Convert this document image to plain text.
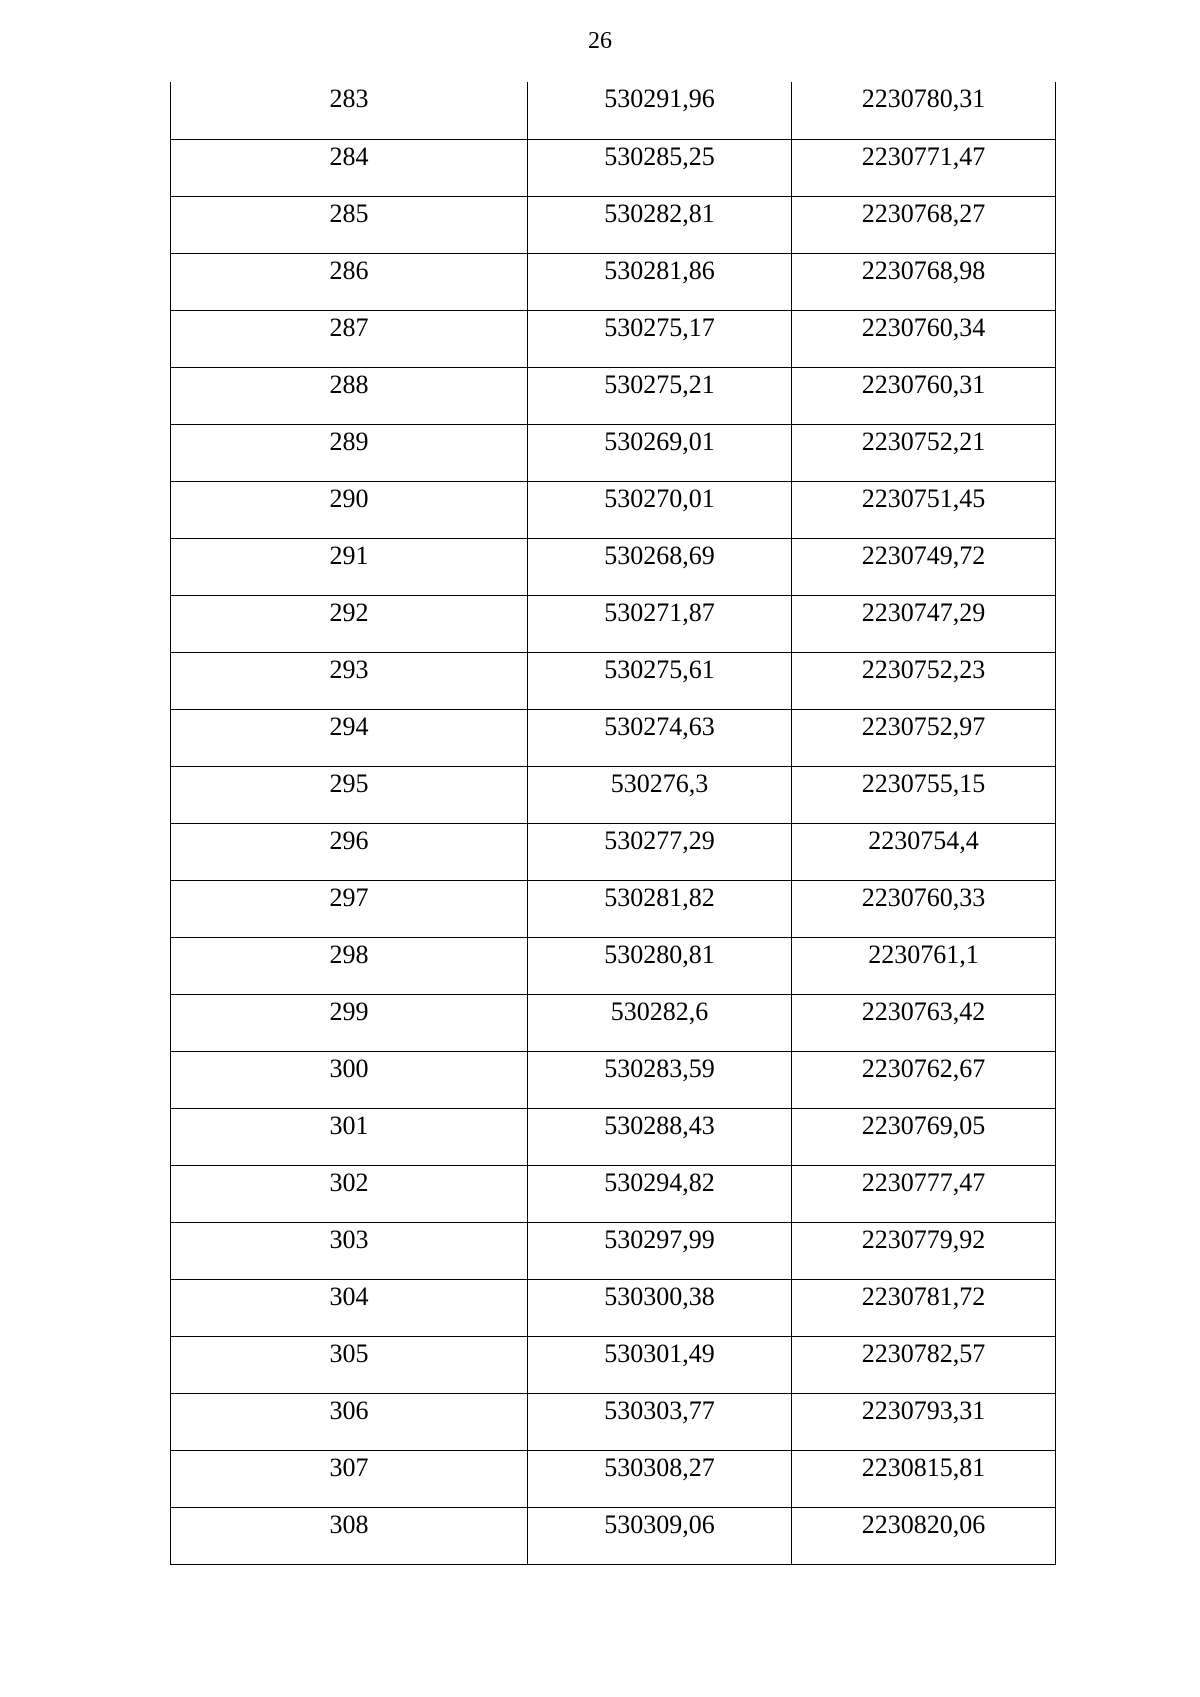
26
283	530291,96	2230780,31
284	530285,25	2230771,47
285	530282,81	2230768,27
286	530281,86	2230768,98
287	530275,17	2230760,34
288	530275,21	2230760,31
289	530269,01	2230752,21
290	530270,01	2230751,45
291	530268,69	2230749,72
292	530271,87	2230747,29
293	530275,61	2230752,23
294	530274,63	2230752,97
295	530276,3	2230755,15
296	530277,29	2230754,4
297	530281,82	2230760,33
298	530280,81	2230761,1
299	530282,6	2230763,42
300	530283,59	2230762,67
301	530288,43	2230769,05
302	530294,82	2230777,47
303	530297,99	2230779,92
304	530300,38	2230781,72
305	530301,49	2230782,57
306	530303,77	2230793,31
307	530308,27	2230815,81
308	530309,06	2230820,06
